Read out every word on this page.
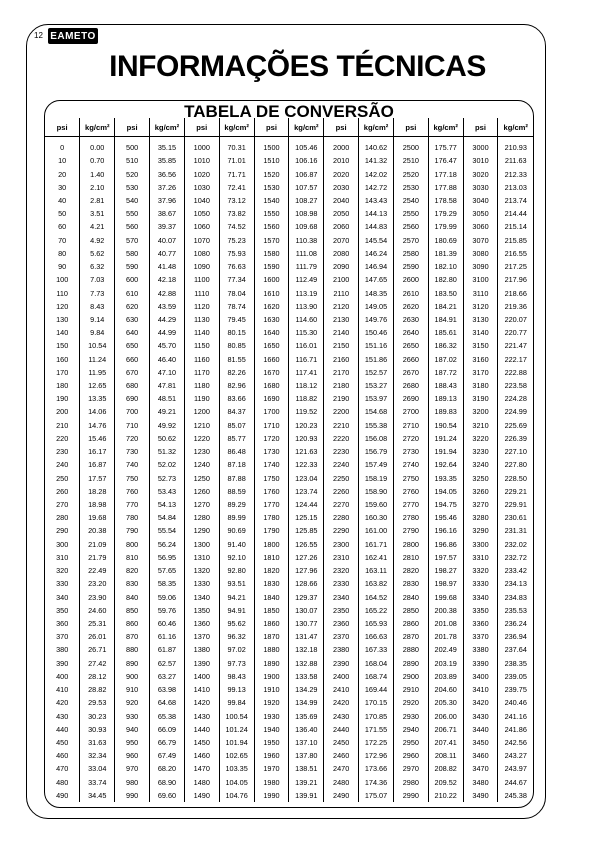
12 EAMETO
INFORMAÇÕES TÉCNICAS
TABELA DE CONVERSÃO
psi	kg/cm²	psi	kg/cm²	psi	kg/cm²	psi	kg/cm²	psi	kg/cm²	psi	kg/cm²	psi	kg/cm²
0	0.00	500	35.15	1000	70.31	1500	105.46	2000	140.62	2500	175.77	3000	210.93
10	0.70	510	35.85	1010	71.01	1510	106.16	2010	141.32	2510	176.47	3010	211.63
20	1.40	520	36.56	1020	71.71	1520	106.87	2020	142.02	2520	177.18	3020	212.33
30	2.10	530	37.26	1030	72.41	1530	107.57	2030	142.72	2530	177.88	3030	213.03
40	2.81	540	37.96	1040	73.12	1540	108.27	2040	143.43	2540	178.58	3040	213.74
50	3.51	550	38.67	1050	73.82	1550	108.98	2050	144.13	2550	179.29	3050	214.44
60	4.21	560	39.37	1060	74.52	1560	109.68	2060	144.83	2560	179.99	3060	215.14
70	4.92	570	40.07	1070	75.23	1570	110.38	2070	145.54	2570	180.69	3070	215.85
80	5.62	580	40.77	1080	75.93	1580	111.08	2080	146.24	2580	181.39	3080	216.55
90	6.32	590	41.48	1090	76.63	1590	111.79	2090	146.94	2590	182.10	3090	217.25
100	7.03	600	42.18	1100	77.34	1600	112.49	2100	147.65	2600	182.80	3100	217.96
110	7.73	610	42.88	1110	78.04	1610	113.19	2110	148.35	2610	183.50	3110	218.66
120	8.43	620	43.59	1120	78.74	1620	113.90	2120	149.05	2620	184.21	3120	219.36
130	9.14	630	44.29	1130	79.45	1630	114.60	2130	149.76	2630	184.91	3130	220.07
140	9.84	640	44.99	1140	80.15	1640	115.30	2140	150.46	2640	185.61	3140	220.77
150	10.54	650	45.70	1150	80.85	1650	116.01	2150	151.16	2650	186.32	3150	221.47
160	11.24	660	46.40	1160	81.55	1660	116.71	2160	151.86	2660	187.02	3160	222.17
170	11.95	670	47.10	1170	82.26	1670	117.41	2170	152.57	2670	187.72	3170	222.88
180	12.65	680	47.81	1180	82.96	1680	118.12	2180	153.27	2680	188.43	3180	223.58
190	13.35	690	48.51	1190	83.66	1690	118.82	2190	153.97	2690	189.13	3190	224.28
200	14.06	700	49.21	1200	84.37	1700	119.52	2200	154.68	2700	189.83	3200	224.99
210	14.76	710	49.92	1210	85.07	1710	120.23	2210	155.38	2710	190.54	3210	225.69
220	15.46	720	50.62	1220	85.77	1720	120.93	2220	156.08	2720	191.24	3220	226.39
230	16.17	730	51.32	1230	86.48	1730	121.63	2230	156.79	2730	191.94	3230	227.10
240	16.87	740	52.02	1240	87.18	1740	122.33	2240	157.49	2740	192.64	3240	227.80
250	17.57	750	52.73	1250	87.88	1750	123.04	2250	158.19	2750	193.35	3250	228.50
260	18.28	760	53.43	1260	88.59	1760	123.74	2260	158.90	2760	194.05	3260	229.21
270	18.98	770	54.13	1270	89.29	1770	124.44	2270	159.60	2770	194.75	3270	229.91
280	19.68	780	54.84	1280	89.99	1780	125.15	2280	160.30	2780	195.46	3280	230.61
290	20.38	790	55.54	1290	90.69	1790	125.85	2290	161.00	2790	196.16	3290	231.31
300	21.09	800	56.24	1300	91.40	1800	126.55	2300	161.71	2800	196.86	3300	232.02
310	21.79	810	56.95	1310	92.10	1810	127.26	2310	162.41	2810	197.57	3310	232.72
320	22.49	820	57.65	1320	92.80	1820	127.96	2320	163.11	2820	198.27	3320	233.42
330	23.20	830	58.35	1330	93.51	1830	128.66	2330	163.82	2830	198.97	3330	234.13
340	23.90	840	59.06	1340	94.21	1840	129.37	2340	164.52	2840	199.68	3340	234.83
350	24.60	850	59.76	1350	94.91	1850	130.07	2350	165.22	2850	200.38	3350	235.53
360	25.31	860	60.46	1360	95.62	1860	130.77	2360	165.93	2860	201.08	3360	236.24
370	26.01	870	61.16	1370	96.32	1870	131.47	2370	166.63	2870	201.78	3370	236.94
380	26.71	880	61.87	1380	97.02	1880	132.18	2380	167.33	2880	202.49	3380	237.64
390	27.42	890	62.57	1390	97.73	1890	132.88	2390	168.04	2890	203.19	3390	238.35
400	28.12	900	63.27	1400	98.43	1900	133.58	2400	168.74	2900	203.89	3400	239.05
410	28.82	910	63.98	1410	99.13	1910	134.29	2410	169.44	2910	204.60	3410	239.75
420	29.53	920	64.68	1420	99.84	1920	134.99	2420	170.15	2920	205.30	3420	240.46
430	30.23	930	65.38	1430	100.54	1930	135.69	2430	170.85	2930	206.00	3430	241.16
440	30.93	940	66.09	1440	101.24	1940	136.40	2440	171.55	2940	206.71	3440	241.86
450	31.63	950	66.79	1450	101.94	1950	137.10	2450	172.25	2950	207.41	3450	242.56
460	32.34	960	67.49	1460	102.65	1960	137.80	2460	172.96	2960	208.11	3460	243.27
470	33.04	970	68.20	1470	103.35	1970	138.51	2470	173.66	2970	208.82	3470	243.97
480	33.74	980	68.90	1480	104.05	1980	139.21	2480	174.36	2980	209.52	3480	244.67
490	34.45	990	69.60	1490	104.76	1990	139.91	2490	175.07	2990	210.22	3490	245.38
